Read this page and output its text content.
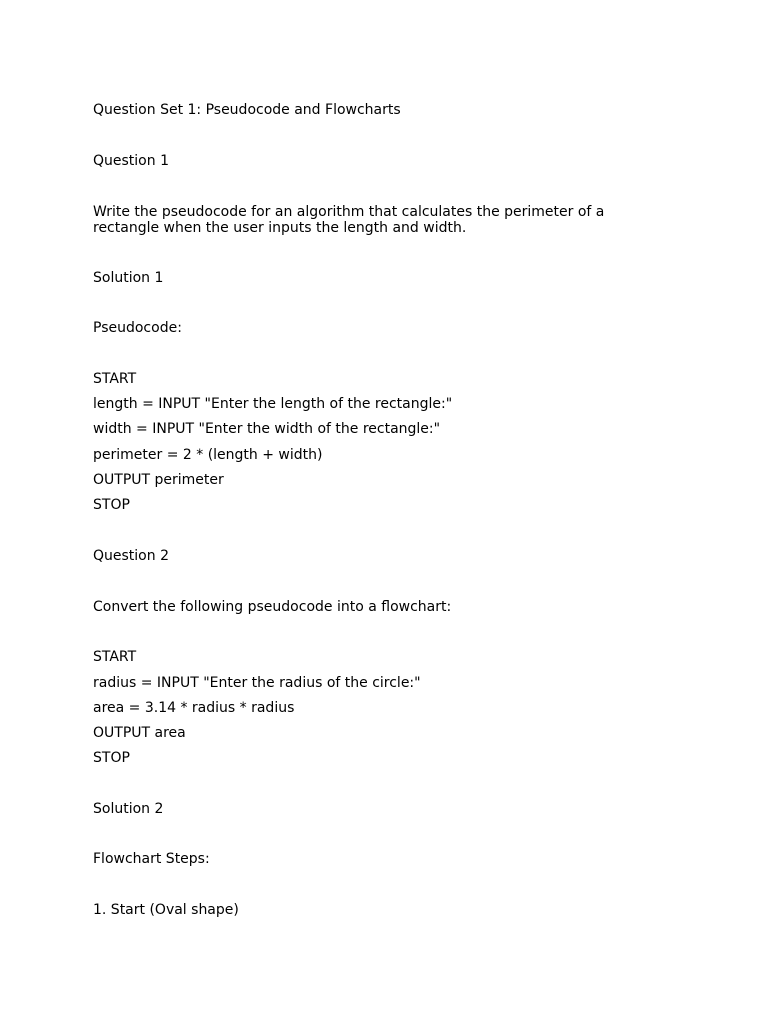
Question Set 1: Pseudocode and Flowcharts
Question 1
Write the pseudocode for an algorithm that calculates the perimeter of a rectangle when the user inputs the length and width.
Solution 1
Pseudocode:
START
length = INPUT "Enter the length of the rectangle:"
width = INPUT "Enter the width of the rectangle:"
perimeter = 2 * (length + width)
OUTPUT perimeter
STOP
Question 2
Convert the following pseudocode into a flowchart:
START
radius = INPUT "Enter the radius of the circle:"
area = 3.14 * radius * radius
OUTPUT area
STOP
Solution 2
Flowchart Steps:
1. Start (Oval shape)
